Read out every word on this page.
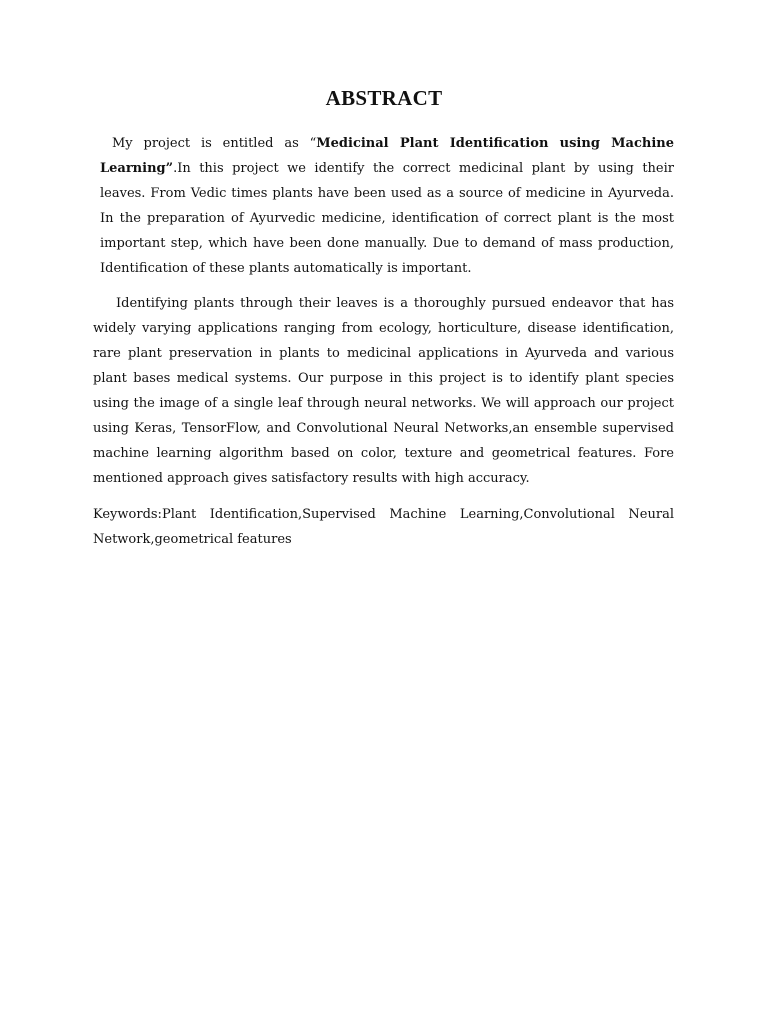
ABSTRACT

My project is entitled as “Medicinal Plant Identification using Machine Learning”.In this project we identify the correct medicinal plant by using their leaves. From Vedic times plants have been used as a source of medicine in Ayurveda. In the preparation of Ayurvedic medicine, identification of correct plant is the most important step, which have been done manually. Due to demand of mass production, Identification of these plants automatically is important.

Identifying plants through their leaves is a thoroughly pursued endeavor that has widely varying applications ranging from ecology, horticulture, disease identification, rare plant preservation in plants to medicinal applications in Ayurveda and various plant bases medical systems. Our purpose in this project is to identify plant species using the image of a single leaf through neural networks. We will approach our project using Keras, TensorFlow, and Convolutional Neural Networks,an ensemble supervised machine learning algorithm based on color, texture and geometrical features. Fore mentioned approach gives satisfactory results with high accuracy.

Keywords:Plant Identification,Supervised Machine Learning,Convolutional Neural
Network,geometrical features
